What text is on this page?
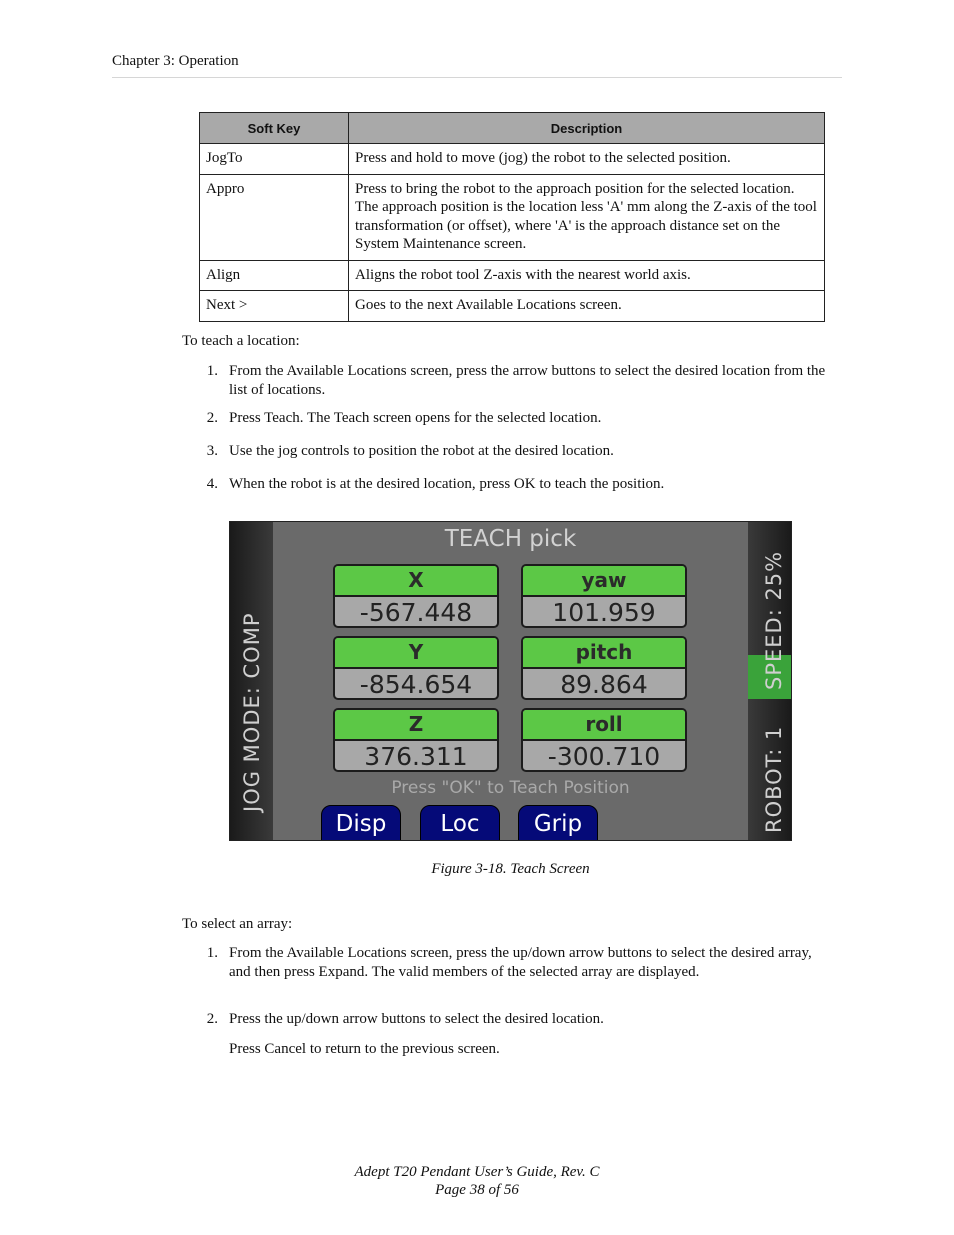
Chapter 3: Operation
Soft Key	Description
JogTo	Press and hold to move (jog) the robot to the selected position.
Appro	Press to bring the robot to the approach position for the selected location. The approach position is the location less 'A' mm along the Z-axis of the tool transformation (or offset), where 'A' is the approach distance set on the System Maintenance screen.
Align	Aligns the robot tool Z-axis with the nearest world axis.
Next >	Goes to the next Available Locations screen.
To teach a location:
1. From the Available Locations screen, press the arrow buttons to select the desired location from the list of locations.
2. Press Teach. The Teach screen opens for the selected location.
3. Use the jog controls to position the robot at the desired location.
4. When the robot is at the desired location, press OK to teach the position.
JOG MODE: COMP	SPEED: 25%
ROBOT: 1
TEACH pick
X
-567.448
yaw
101.959
Y
-854.654
pitch
89.864
Z
376.311
roll
-300.710
Press "OK" to Teach Position
Disp	Loc	Grip
Figure 3-18. Teach Screen
To select an array:
1. From the Available Locations screen, press the up/down arrow buttons to select the desired array, and then press Expand. The valid members of the selected array are displayed.
2. Press the up/down arrow buttons to select the desired location.
Press Cancel to return to the previous screen.
Adept T20 Pendant User’s Guide, Rev. C
Page 38 of 56
